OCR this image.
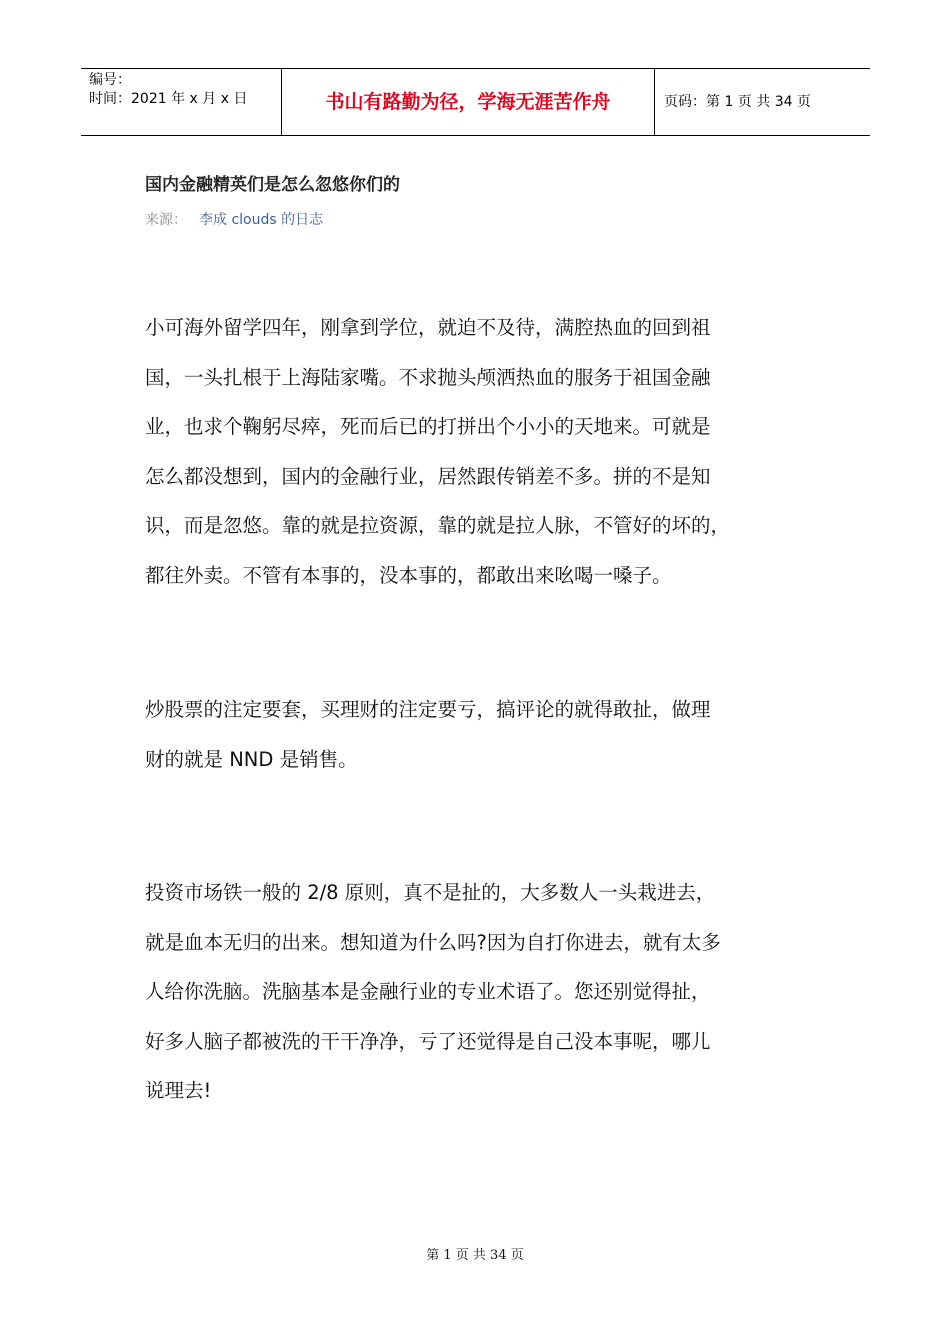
编号：
时间：2021 年 x 月 x 日	书山有路勤为径，学海无涯苦作舟	页码：第 1 页 共 34 页
国内金融精英们是怎么忽悠你们的
来源： 李成 clouds 的日志
小可海外留学四年，刚拿到学位，就迫不及待，满腔热血的回到祖
国，一头扎根于上海陆家嘴。不求抛头颅洒热血的服务于祖国金融
业，也求个鞠躬尽瘁，死而后已的打拼出个小小的天地来。可就是
怎么都没想到，国内的金融行业，居然跟传销差不多。拼的不是知
识，而是忽悠。靠的就是拉资源，靠的就是拉人脉，不管好的坏的，
都往外卖。不管有本事的，没本事的，都敢出来吆喝一嗓子。
炒股票的注定要套，买理财的注定要亏，搞评论的就得敢扯，做理
财的就是 NND 是销售。
投资市场铁一般的 2/8 原则，真不是扯的，大多数人一头栽进去，
就是血本无归的出来。想知道为什么吗?因为自打你进去，就有太多
人给你洗脑。洗脑基本是金融行业的专业术语了。您还别觉得扯，
好多人脑子都被洗的干干净净，亏了还觉得是自己没本事呢，哪儿
说理去!
第 1 页 共 34 页
